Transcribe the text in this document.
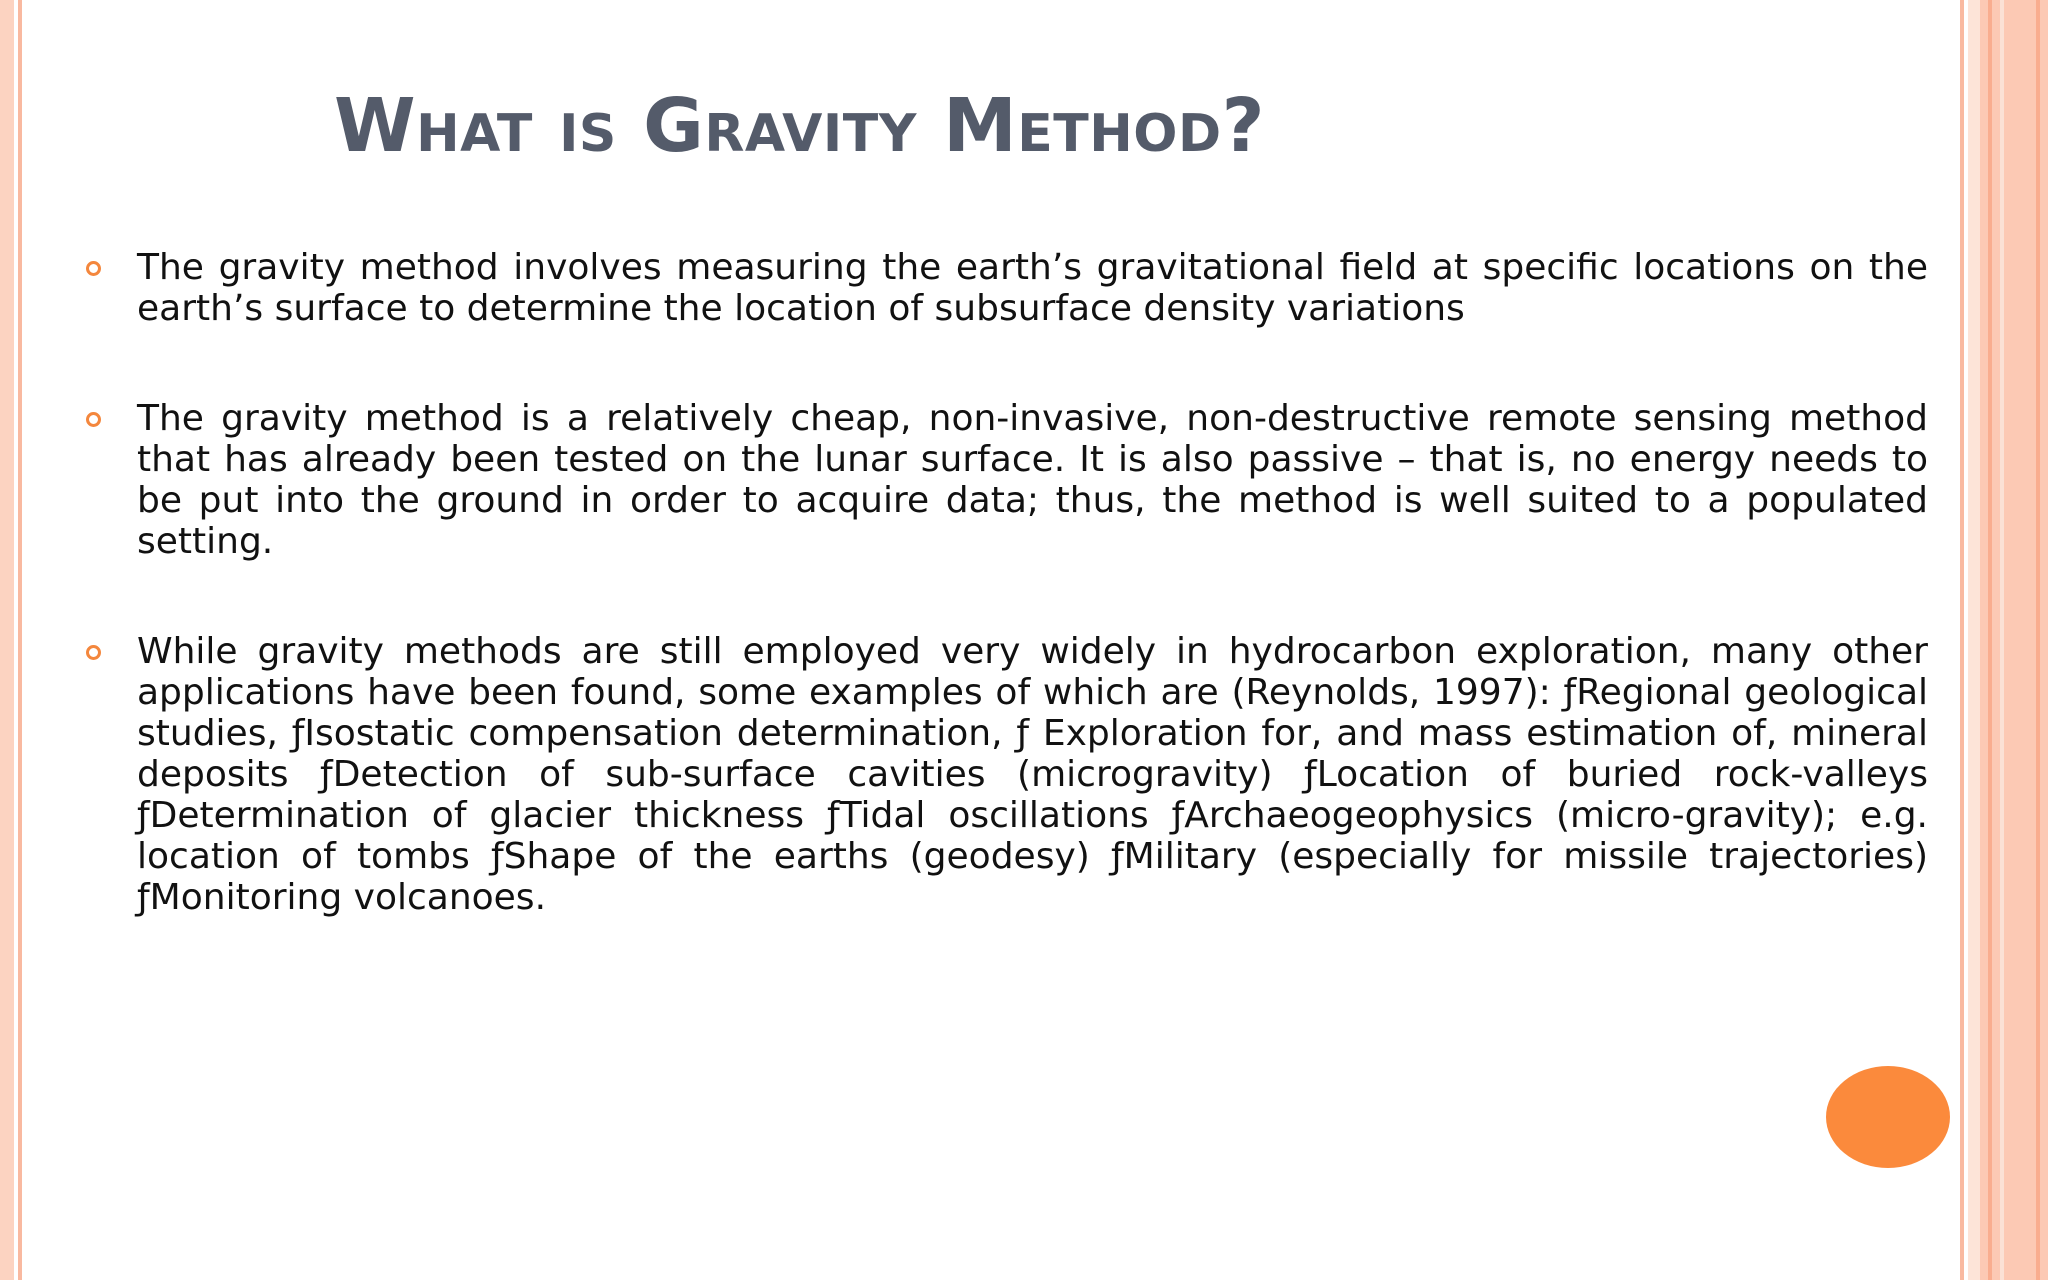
What is Gravity Method?

The gravity method involves measuring the earth’s gravitational field at specific locations on the earth’s surface to determine the location of subsurface density variations

The gravity method is a relatively cheap, non-invasive, non-destructive remote sensing method that has already been tested on the lunar surface. It is also passive – that is, no energy needs to be put into the ground in order to acquire data; thus, the method is well suited to a populated setting.

While gravity methods are still employed very widely in hydrocarbon exploration, many other applications have been found, some examples of which are (Reynolds, 1997): ƒRegional geological studies, ƒIsostatic compensation determination, ƒ Exploration for, and mass estimation of, mineral deposits ƒDetection of sub-surface cavities (microgravity) ƒLocation of buried rock-valleys ƒDetermination of glacier thickness ƒTidal oscillations ƒArchaeogeophysics (micro-gravity); e.g. location of tombs ƒShape of the earths (geodesy) ƒMilitary (especially for missile trajectories) ƒMonitoring volcanoes.
